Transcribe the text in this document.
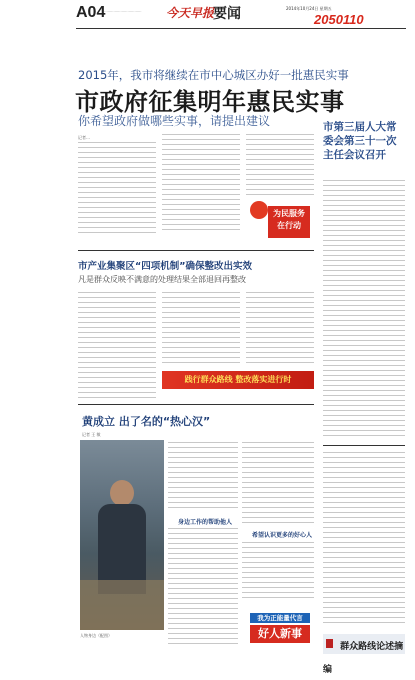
A04
……………………………	今天早报
要闻	2014年10月24日 星期五
2050110
2015年，我市将继续在市中心城区办好一批惠民实事
市政府征集明年惠民实事
你希望政府做哪些实事，请提出建议
记者…
为民服务
在行动
市第三届人大常委会第三十一次主任会议召开
市产业集聚区“四项机制”确保整改出实效
凡是群众反映不满意的处理结果全部退回再整改
践行群众路线 整改落实进行时
黄成立 出了名的“热心汉”
记者 王 敏
人物身边（配图）
身边工作的帮助他人
希望认识更多的好心人
我为正能量代言
好人新事
群众路线论述摘编
